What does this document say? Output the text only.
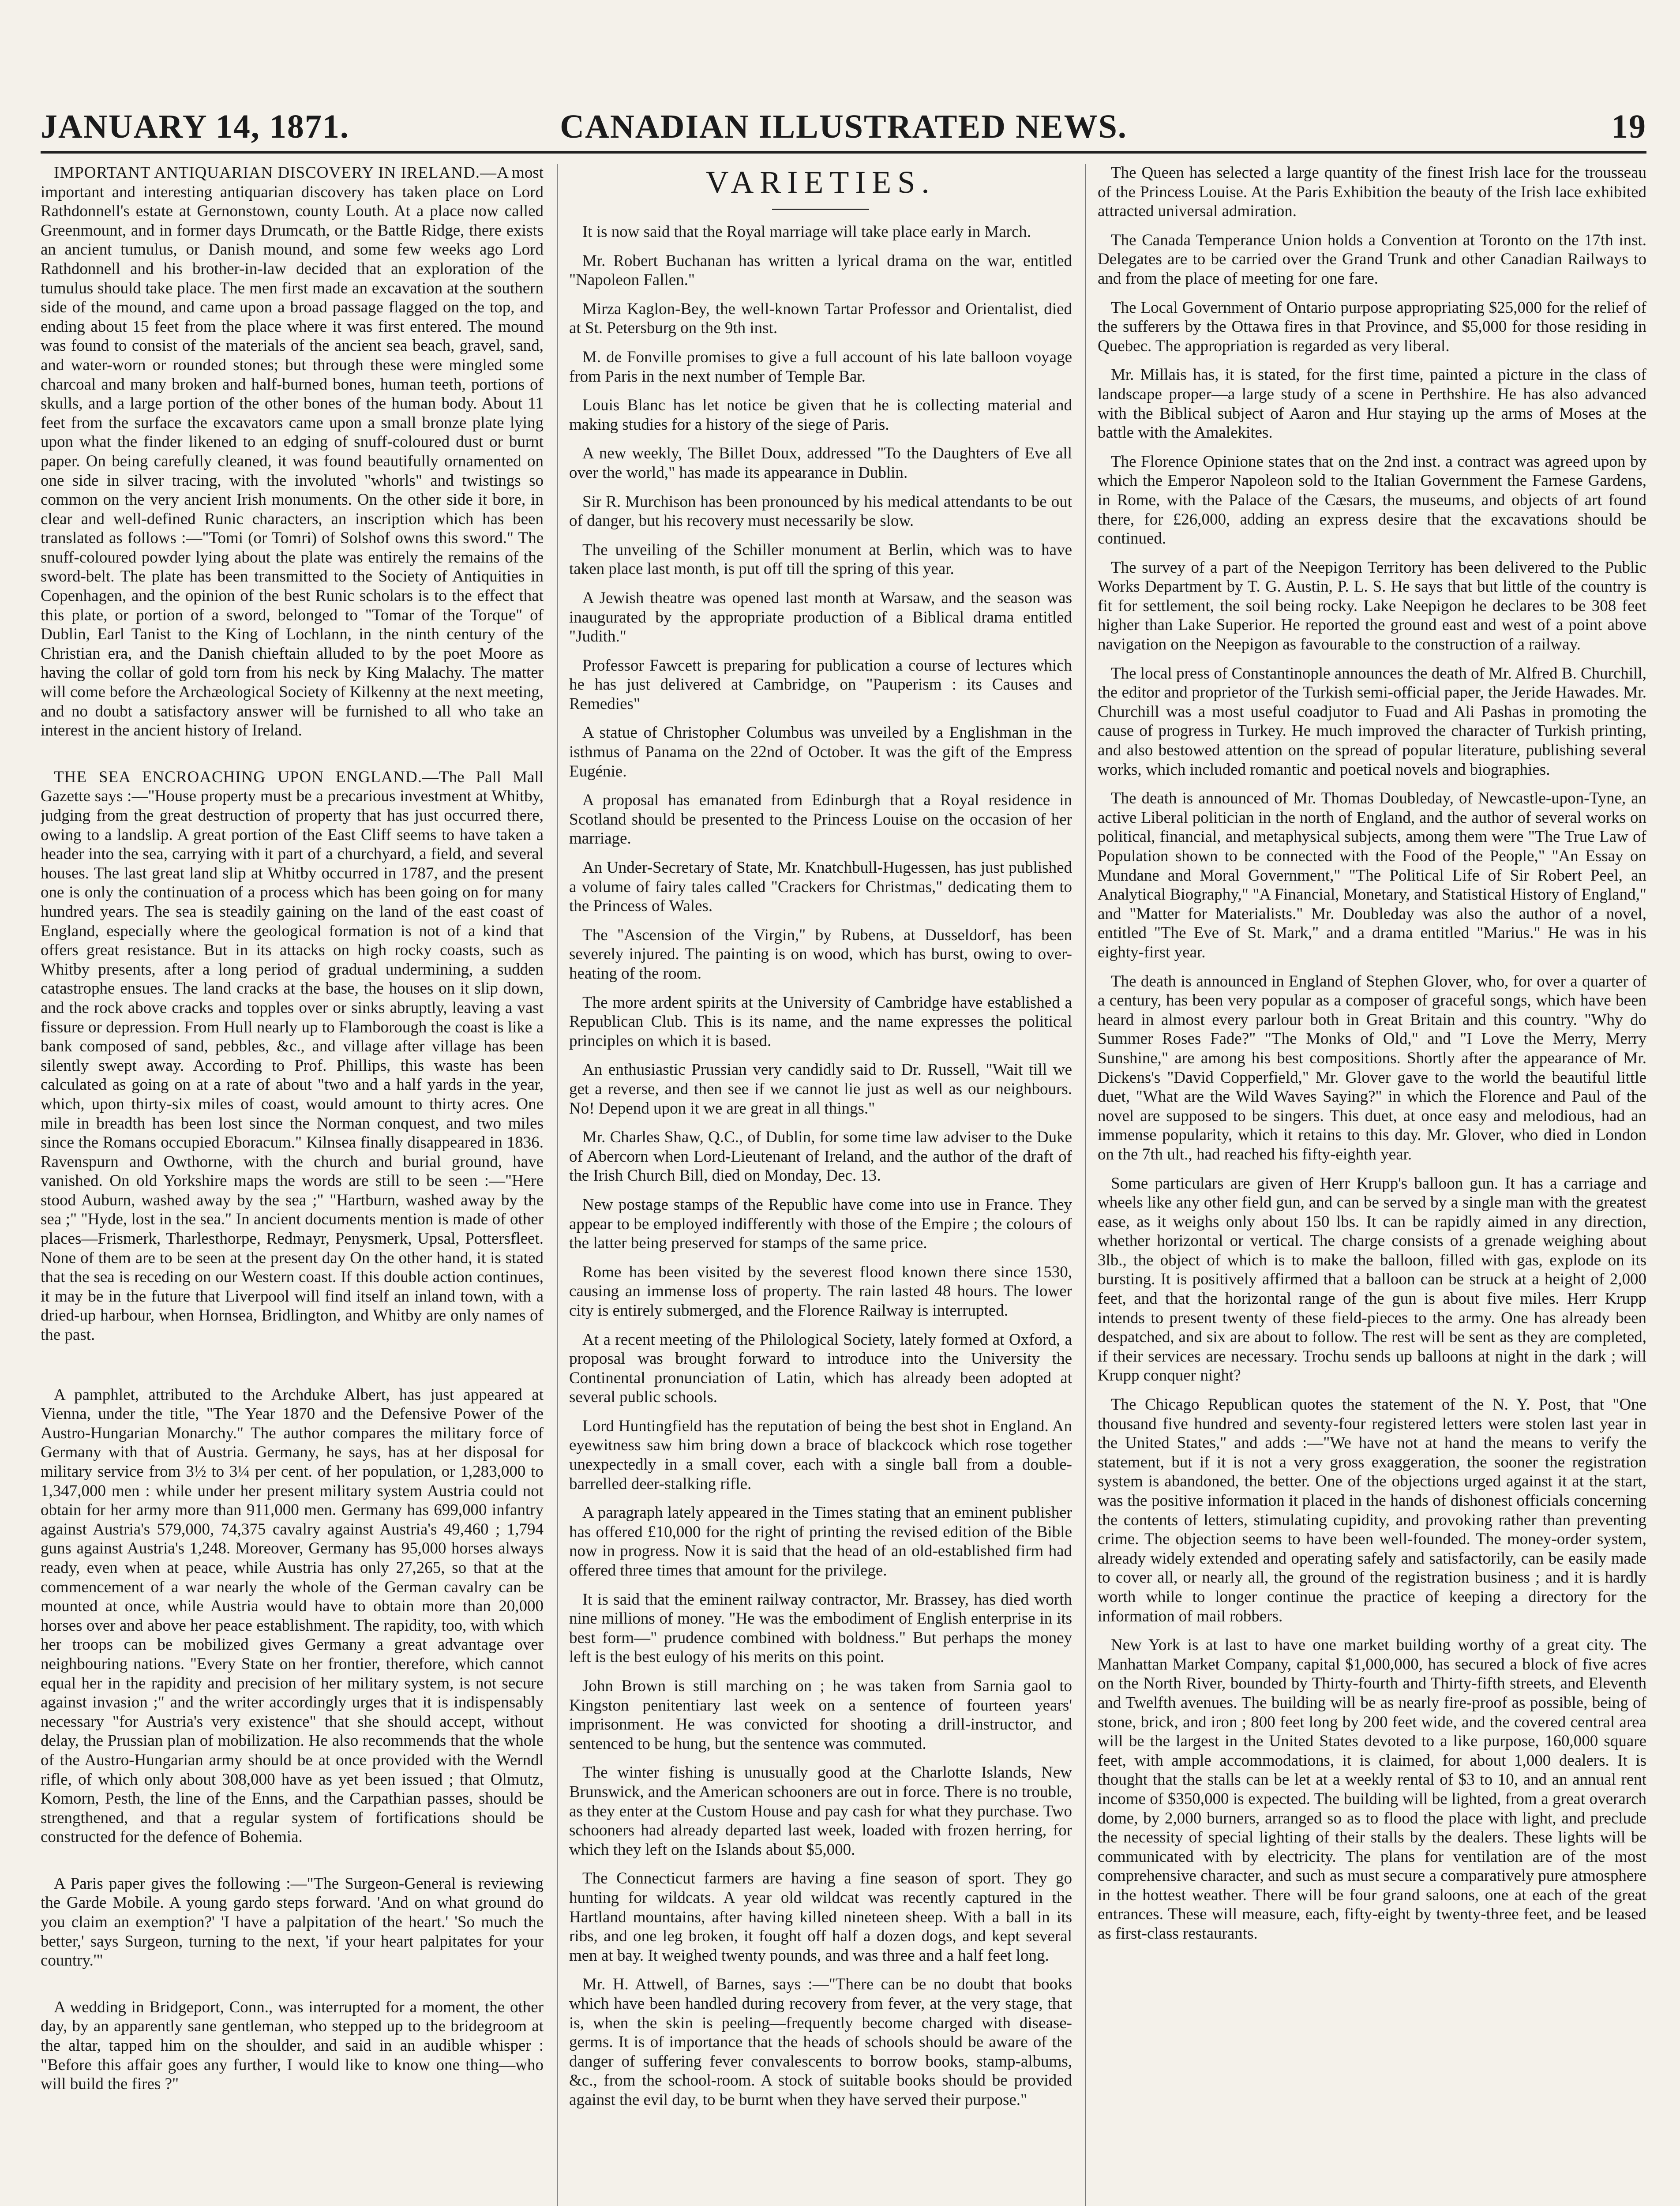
JANUARY 14, 1871.	CANADIAN ILLUSTRATED NEWS.	19

IMPORTANT ANTIQUARIAN DISCOVERY IN IRELAND.—A most important and interesting antiquarian discovery has taken place on Lord Rathdonnell's estate at Gernonstown, county Louth. At a place now called Greenmount, and in former days Drumcath, or the Battle Ridge, there exists an ancient tumulus, or Danish mound, and some few weeks ago Lord Rathdonnell and his brother-in-law decided that an exploration of the tumulus should take place. The men first made an excavation at the southern side of the mound, and came upon a broad passage flagged on the top, and ending about 15 feet from the place where it was first entered. The mound was found to consist of the materials of the ancient sea beach, gravel, sand, and water-worn or rounded stones; but through these were mingled some charcoal and many broken and half-burned bones, human teeth, portions of skulls, and a large portion of the other bones of the human body. About 11 feet from the surface the excavators came upon a small bronze plate lying upon what the finder likened to an edging of snuff-coloured dust or burnt paper. On being carefully cleaned, it was found beautifully ornamented on one side in silver tracing, with the involuted "whorls" and twistings so common on the very ancient Irish monuments. On the other side it bore, in clear and well-defined Runic characters, an inscription which has been translated as follows :—"Tomi (or Tomri) of Solshof owns this sword." The snuff-coloured powder lying about the plate was entirely the remains of the sword-belt. The plate has been transmitted to the Society of Antiquities in Copenhagen, and the opinion of the best Runic scholars is to the effect that this plate, or portion of a sword, belonged to "Tomar of the Torque" of Dublin, Earl Tanist to the King of Lochlann, in the ninth century of the Christian era, and the Danish chieftain alluded to by the poet Moore as having the collar of gold torn from his neck by King Malachy. The matter will come before the Archæological Society of Kilkenny at the next meeting, and no doubt a satisfactory answer will be furnished to all who take an interest in the ancient history of Ireland.

THE SEA ENCROACHING UPON ENGLAND.—The Pall Mall Gazette says :—"House property must be a precarious investment at Whitby, judging from the great destruction of property that has just occurred there, owing to a landslip. A great portion of the East Cliff seems to have taken a header into the sea, carrying with it part of a churchyard, a field, and several houses. The last great land slip at Whitby occurred in 1787, and the present one is only the continuation of a process which has been going on for many hundred years. The sea is steadily gaining on the land of the east coast of England, especially where the geological formation is not of a kind that offers great resistance. But in its attacks on high rocky coasts, such as Whitby presents, after a long period of gradual undermining, a sudden catastrophe ensues. The land cracks at the base, the houses on it slip down, and the rock above cracks and topples over or sinks abruptly, leaving a vast fissure or depression. From Hull nearly up to Flamborough the coast is like a bank composed of sand, pebbles, &c., and village after village has been silently swept away. According to Prof. Phillips, this waste has been calculated as going on at a rate of about "two and a half yards in the year, which, upon thirty-six miles of coast, would amount to thirty acres. One mile in breadth has been lost since the Norman conquest, and two miles since the Romans occupied Eboracum." Kilnsea finally disappeared in 1836. Ravenspurn and Owthorne, with the church and burial ground, have vanished. On old Yorkshire maps the words are still to be seen :—"Here stood Auburn, washed away by the sea ;" "Hartburn, washed away by the sea ;" "Hyde, lost in the sea." In ancient documents mention is made of other places—Frismerk, Tharlesthorpe, Redmayr, Penysmerk, Upsal, Pottersfleet. None of them are to be seen at the present day On the other hand, it is stated that the sea is receding on our Western coast. If this double action continues, it may be in the future that Liverpool will find itself an inland town, with a dried-up harbour, when Hornsea, Bridlington, and Whitby are only names of the past.

A pamphlet, attributed to the Archduke Albert, has just appeared at Vienna, under the title, "The Year 1870 and the Defensive Power of the Austro-Hungarian Monarchy." The author compares the military force of Germany with that of Austria. Germany, he says, has at her disposal for military service from 3½ to 3¼ per cent. of her population, or 1,283,000 to 1,347,000 men : while under her present military system Austria could not obtain for her army more than 911,000 men. Germany has 699,000 infantry against Austria's 579,000, 74,375 cavalry against Austria's 49,460 ; 1,794 guns against Austria's 1,248. Moreover, Germany has 95,000 horses always ready, even when at peace, while Austria has only 27,265, so that at the commencement of a war nearly the whole of the German cavalry can be mounted at once, while Austria would have to obtain more than 20,000 horses over and above her peace establishment. The rapidity, too, with which her troops can be mobilized gives Germany a great advantage over neighbouring nations. "Every State on her frontier, therefore, which cannot equal her in the rapidity and precision of her military system, is not secure against invasion ;" and the writer accordingly urges that it is indispensably necessary "for Austria's very existence" that she should accept, without delay, the Prussian plan of mobilization. He also recommends that the whole of the Austro-Hungarian army should be at once provided with the Werndl rifle, of which only about 308,000 have as yet been issued ; that Olmutz, Komorn, Pesth, the line of the Enns, and the Carpathian passes, should be strengthened, and that a regular system of fortifications should be constructed for the defence of Bohemia.

A Paris paper gives the following :—"The Surgeon-General is reviewing the Garde Mobile. A young gardo steps forward. 'And on what ground do you claim an exemption?' 'I have a palpitation of the heart.' 'So much the better,' says Surgeon, turning to the next, 'if your heart palpitates for your country.'"

A wedding in Bridgeport, Conn., was interrupted for a moment, the other day, by an apparently sane gentleman, who stepped up to the bridegroom at the altar, tapped him on the shoulder, and said in an audible whisper : "Before this affair goes any further, I would like to know one thing—who will build the fires ?"

VARIETIES.

It is now said that the Royal marriage will take place early in March.

Mr. Robert Buchanan has written a lyrical drama on the war, entitled "Napoleon Fallen."

Mirza Kaglon-Bey, the well-known Tartar Professor and Orientalist, died at St. Petersburg on the 9th inst.

M. de Fonville promises to give a full account of his late balloon voyage from Paris in the next number of Temple Bar.

Louis Blanc has let notice be given that he is collecting material and making studies for a history of the siege of Paris.

A new weekly, The Billet Doux, addressed "To the Daughters of Eve all over the world," has made its appearance in Dublin.

Sir R. Murchison has been pronounced by his medical attendants to be out of danger, but his recovery must necessarily be slow.

The unveiling of the Schiller monument at Berlin, which was to have taken place last month, is put off till the spring of this year.

A Jewish theatre was opened last month at Warsaw, and the season was inaugurated by the appropriate production of a Biblical drama entitled "Judith."

Professor Fawcett is preparing for publication a course of lectures which he has just delivered at Cambridge, on "Pauperism : its Causes and Remedies"

A statue of Christopher Columbus was unveiled by a Englishman in the isthmus of Panama on the 22nd of October. It was the gift of the Empress Eugénie.

A proposal has emanated from Edinburgh that a Royal residence in Scotland should be presented to the Princess Louise on the occasion of her marriage.

An Under-Secretary of State, Mr. Knatchbull-Hugessen, has just published a volume of fairy tales called "Crackers for Christmas," dedicating them to the Princess of Wales.

The "Ascension of the Virgin," by Rubens, at Dusseldorf, has been severely injured. The painting is on wood, which has burst, owing to over-heating of the room.

The more ardent spirits at the University of Cambridge have established a Republican Club. This is its name, and the name expresses the political principles on which it is based.

An enthusiastic Prussian very candidly said to Dr. Russell, "Wait till we get a reverse, and then see if we cannot lie just as well as our neighbours. No! Depend upon it we are great in all things."

Mr. Charles Shaw, Q.C., of Dublin, for some time law adviser to the Duke of Abercorn when Lord-Lieutenant of Ireland, and the author of the draft of the Irish Church Bill, died on Monday, Dec. 13.

New postage stamps of the Republic have come into use in France. They appear to be employed indifferently with those of the Empire ; the colours of the latter being preserved for stamps of the same price.

Rome has been visited by the severest flood known there since 1530, causing an immense loss of property. The rain lasted 48 hours. The lower city is entirely submerged, and the Florence Railway is interrupted.

At a recent meeting of the Philological Society, lately formed at Oxford, a proposal was brought forward to introduce into the University the Continental pronunciation of Latin, which has already been adopted at several public schools.

Lord Huntingfield has the reputation of being the best shot in England. An eyewitness saw him bring down a brace of blackcock which rose together unexpectedly in a small cover, each with a single ball from a double-barrelled deer-stalking rifle.

A paragraph lately appeared in the Times stating that an eminent publisher has offered £10,000 for the right of printing the revised edition of the Bible now in progress. Now it is said that the head of an old-established firm had offered three times that amount for the privilege.

It is said that the eminent railway contractor, Mr. Brassey, has died worth nine millions of money. "He was the embodiment of English enterprise in its best form—" prudence combined with boldness." But perhaps the money left is the best eulogy of his merits on this point.

John Brown is still marching on ; he was taken from Sarnia gaol to Kingston penitentiary last week on a sentence of fourteen years' imprisonment. He was convicted for shooting a drill-instructor, and sentenced to be hung, but the sentence was commuted.

The winter fishing is unusually good at the Charlotte Islands, New Brunswick, and the American schooners are out in force. There is no trouble, as they enter at the Custom House and pay cash for what they purchase. Two schooners had already departed last week, loaded with frozen herring, for which they left on the Islands about $5,000.

The Connecticut farmers are having a fine season of sport. They go hunting for wildcats. A year old wildcat was recently captured in the Hartland mountains, after having killed nineteen sheep. With a ball in its ribs, and one leg broken, it fought off half a dozen dogs, and kept several men at bay. It weighed twenty pounds, and was three and a half feet long.

Mr. H. Attwell, of Barnes, says :—"There can be no doubt that books which have been handled during recovery from fever, at the very stage, that is, when the skin is peeling—frequently become charged with disease-germs. It is of importance that the heads of schools should be aware of the danger of suffering fever convalescents to borrow books, stamp-albums, &c., from the school-room. A stock of suitable books should be provided against the evil day, to be burnt when they have served their purpose."

The Queen has selected a large quantity of the finest Irish lace for the trousseau of the Princess Louise. At the Paris Exhibition the beauty of the Irish lace exhibited attracted universal admiration.

The Canada Temperance Union holds a Convention at Toronto on the 17th inst. Delegates are to be carried over the Grand Trunk and other Canadian Railways to and from the place of meeting for one fare.

The Local Government of Ontario purpose appropriating $25,000 for the relief of the sufferers by the Ottawa fires in that Province, and $5,000 for those residing in Quebec. The appropriation is regarded as very liberal.

Mr. Millais has, it is stated, for the first time, painted a picture in the class of landscape proper—a large study of a scene in Perthshire. He has also advanced with the Biblical subject of Aaron and Hur staying up the arms of Moses at the battle with the Amalekites.

The Florence Opinione states that on the 2nd inst. a contract was agreed upon by which the Emperor Napoleon sold to the Italian Government the Farnese Gardens, in Rome, with the Palace of the Cæsars, the museums, and objects of art found there, for £26,000, adding an express desire that the excavations should be continued.

The survey of a part of the Neepigon Territory has been delivered to the Public Works Department by T. G. Austin, P. L. S. He says that but little of the country is fit for settlement, the soil being rocky. Lake Neepigon he declares to be 308 feet higher than Lake Superior. He reported the ground east and west of a point above navigation on the Neepigon as favourable to the construction of a railway.

The local press of Constantinople announces the death of Mr. Alfred B. Churchill, the editor and proprietor of the Turkish semi-official paper, the Jeride Hawades. Mr. Churchill was a most useful coadjutor to Fuad and Ali Pashas in promoting the cause of progress in Turkey. He much improved the character of Turkish printing, and also bestowed attention on the spread of popular literature, publishing several works, which included romantic and poetical novels and biographies.

The death is announced of Mr. Thomas Doubleday, of Newcastle-upon-Tyne, an active Liberal politician in the north of England, and the author of several works on political, financial, and metaphysical subjects, among them were "The True Law of Population shown to be connected with the Food of the People," "An Essay on Mundane and Moral Government," "The Political Life of Sir Robert Peel, an Analytical Biography," "A Financial, Monetary, and Statistical History of England," and "Matter for Materialists." Mr. Doubleday was also the author of a novel, entitled "The Eve of St. Mark," and a drama entitled "Marius." He was in his eighty-first year.

The death is announced in England of Stephen Glover, who, for over a quarter of a century, has been very popular as a composer of graceful songs, which have been heard in almost every parlour both in Great Britain and this country. "Why do Summer Roses Fade?" "The Monks of Old," and "I Love the Merry, Merry Sunshine," are among his best compositions. Shortly after the appearance of Mr. Dickens's "David Copperfield," Mr. Glover gave to the world the beautiful little duet, "What are the Wild Waves Saying?" in which the Florence and Paul of the novel are supposed to be singers. This duet, at once easy and melodious, had an immense popularity, which it retains to this day. Mr. Glover, who died in London on the 7th ult., had reached his fifty-eighth year.

Some particulars are given of Herr Krupp's balloon gun. It has a carriage and wheels like any other field gun, and can be served by a single man with the greatest ease, as it weighs only about 150 lbs. It can be rapidly aimed in any direction, whether horizontal or vertical. The charge consists of a grenade weighing about 3lb., the object of which is to make the balloon, filled with gas, explode on its bursting. It is positively affirmed that a balloon can be struck at a height of 2,000 feet, and that the horizontal range of the gun is about five miles. Herr Krupp intends to present twenty of these field-pieces to the army. One has already been despatched, and six are about to follow. The rest will be sent as they are completed, if their services are necessary. Trochu sends up balloons at night in the dark ; will Krupp conquer night?

The Chicago Republican quotes the statement of the N. Y. Post, that "One thousand five hundred and seventy-four registered letters were stolen last year in the United States," and adds :—"We have not at hand the means to verify the statement, but if it is not a very gross exaggeration, the sooner the registration system is abandoned, the better. One of the objections urged against it at the start, was the positive information it placed in the hands of dishonest officials concerning the contents of letters, stimulating cupidity, and provoking rather than preventing crime. The objection seems to have been well-founded. The money-order system, already widely extended and operating safely and satisfactorily, can be easily made to cover all, or nearly all, the ground of the registration business ; and it is hardly worth while to longer continue the practice of keeping a directory for the information of mail robbers.

New York is at last to have one market building worthy of a great city. The Manhattan Market Company, capital $1,000,000, has secured a block of five acres on the North River, bounded by Thirty-fourth and Thirty-fifth streets, and Eleventh and Twelfth avenues. The building will be as nearly fire-proof as possible, being of stone, brick, and iron ; 800 feet long by 200 feet wide, and the covered central area will be the largest in the United States devoted to a like purpose, 160,000 square feet, with ample accommodations, it is claimed, for about 1,000 dealers. It is thought that the stalls can be let at a weekly rental of $3 to 10, and an annual rent income of $350,000 is expected. The building will be lighted, from a great overarch dome, by 2,000 burners, arranged so as to flood the place with light, and preclude the necessity of special lighting of their stalls by the dealers. These lights will be communicated with by electricity. The plans for ventilation are of the most comprehensive character, and such as must secure a comparatively pure atmosphere in the hottest weather. There will be four grand saloons, one at each of the great entrances. These will measure, each, fifty-eight by twenty-three feet, and be leased as first-class restaurants.
